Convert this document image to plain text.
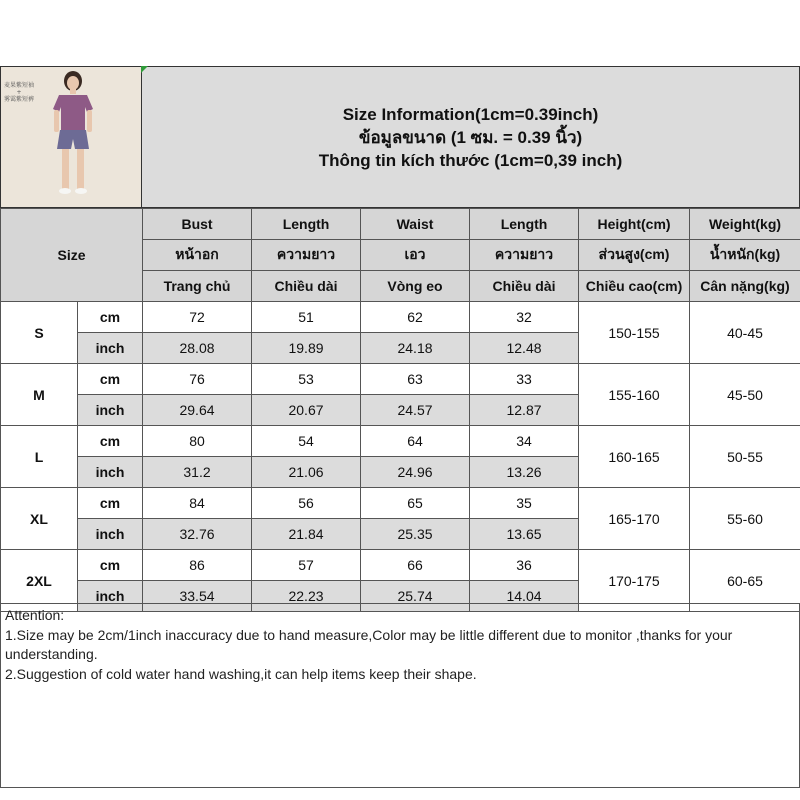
麦果紫短袖
+
雾霭紫短裤
Size Information(1cm=0.39inch)
ข้อมูลขนาด (1 ซม. = 0.39 นิ้ว)
Thông tin kích thước (1cm=0,39 inch)
Size		Bust	Length	Waist	Length	Height(cm)	Weight(kg)
		หน้าอก	ความยาว	เอว	ความยาว	ส่วนสูง(cm)	น้ำหนัก(kg)
		Trang chủ	Chiều dài	Vòng eo	Chiều dài	Chiều cao(cm)	Cân nặng(kg)
S	cm	72	51	62	32	150-155	40-45
	inch	28.08	19.89	24.18	12.48		
M	cm	76	53	63	33	155-160	45-50
	inch	29.64	20.67	24.57	12.87		
L	cm	80	54	64	34	160-165	50-55
	inch	31.2	21.06	24.96	13.26		
XL	cm	84	56	65	35	165-170	55-60
	inch	32.76	21.84	25.35	13.65		
2XL	cm	86	57	66	36	170-175	60-65
	inch	33.54	22.23	25.74	14.04		

Attention:

1.Size may be 2cm/1inch inaccuracy due to hand measure,Color may be little different due to monitor ,thanks for your understanding.

2.Suggestion of cold water hand washing,it can help items keep their shape.
